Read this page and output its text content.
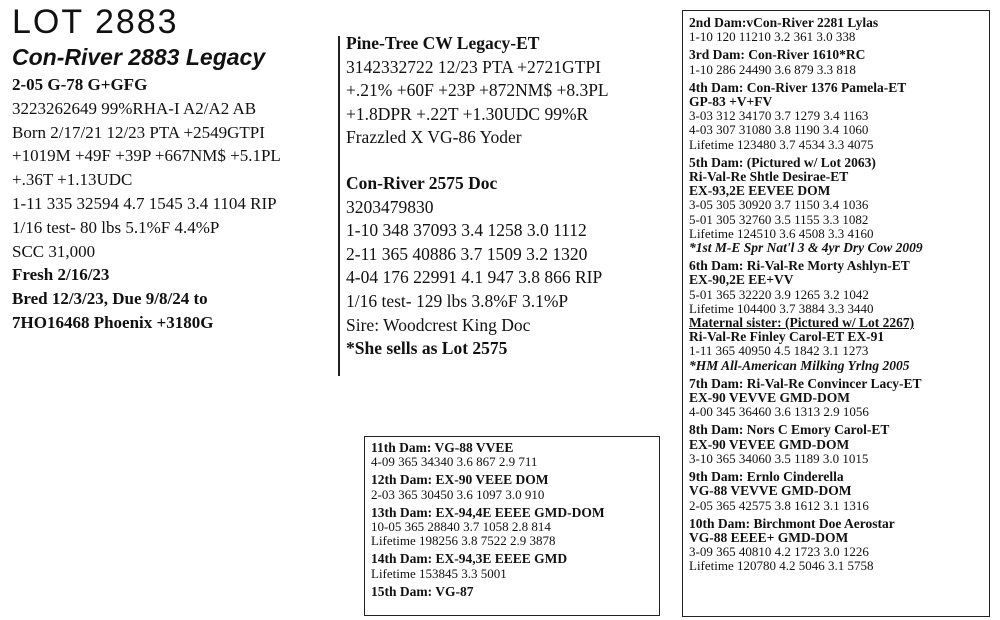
LOT 2883
Con-River 2883 Legacy
2-05 G-78 G+GFG
3223262649 99%RHA-I A2/A2 AB
Born 2/17/21 12/23 PTA +2549GTPI
+1019M +49F +39P +667NM$ +5.1PL
+.36T +1.13UDC
1-11 335 32594 4.7 1545 3.4 1104 RIP
1/16 test- 80 lbs 5.1%F 4.4%P
SCC 31,000
Fresh 2/16/23
Bred 12/3/23, Due 9/8/24 to
7HO16468 Phoenix +3180G
Pine-Tree CW Legacy-ET
3142332722 12/23 PTA +2721GTPI
+.21% +60F +23P +872NM$ +8.3PL
+1.8DPR +.22T +1.30UDC 99%R
Frazzled X VG-86 Yoder
Con-River 2575 Doc
3203479830
1-10 348 37093 3.4 1258 3.0 1112
2-11 365 40886 3.7 1509 3.2 1320
4-04 176 22991 4.1 947 3.8 866 RIP
1/16 test- 129 lbs 3.8%F 3.1%P
Sire: Woodcrest King Doc
*She sells as Lot 2575
2nd Dam:vCon-River 2281 Lylas
1-10 120 11210 3.2 361 3.0 338
3rd Dam: Con-River 1610*RC
1-10 286 24490 3.6 879 3.3 818
4th Dam: Con-River 1376 Pamela-ET
GP-83 +V+FV
3-03 312 34170 3.7 1279 3.4 1163
4-03 307 31080 3.8 1190 3.4 1060
Lifetime 123480 3.7 4534 3.3 4075
5th Dam: (Pictured w/ Lot 2063)
Ri-Val-Re Shtle Desirae-ET
EX-93,2E EEVEE DOM
3-05 305 30920 3.7 1150 3.4 1036
5-01 305 32760 3.5 1155 3.3 1082
Lifetime 124510 3.6 4508 3.3 4160
*1st M-E Spr Nat'l 3 & 4yr Dry Cow 2009
6th Dam: Ri-Val-Re Morty Ashlyn-ET
EX-90,2E EE+VV
5-01 365 32220 3.9 1265 3.2 1042
Lifetime 104400 3.7 3884 3.3 3440
Maternal sister: (Pictured w/ Lot 2267)
Ri-Val-Re Finley Carol-ET EX-91
1-11 365 40950 4.5 1842 3.1 1273
*HM All-American Milking Yrlng 2005
7th Dam: Ri-Val-Re Convincer Lacy-ET
EX-90 VEVVE GMD-DOM
4-00 345 36460 3.6 1313 2.9 1056
8th Dam: Nors C Emory Carol-ET
EX-90 VEVEE GMD-DOM
3-10 365 34060 3.5 1189 3.0 1015
9th Dam: Ernlo Cinderella
VG-88 VEVVE GMD-DOM
2-05 365 42575 3.8 1612 3.1 1316
10th Dam: Birchmont Doe Aerostar
VG-88 EEEE+ GMD-DOM
3-09 365 40810 4.2 1723 3.0 1226
Lifetime 120780 4.2 5046 3.1 5758
11th Dam: VG-88 VVEE
4-09 365 34340 3.6 867 2.9 711
12th Dam: EX-90 VEEE DOM
2-03 365 30450 3.6 1097 3.0 910
13th Dam: EX-94,4E EEEE GMD-DOM
10-05 365 28840 3.7 1058 2.8 814
Lifetime 198256 3.8 7522 2.9 3878
14th Dam: EX-94,3E EEEE GMD
Lifetime 153845 3.3 5001
15th Dam: VG-87
